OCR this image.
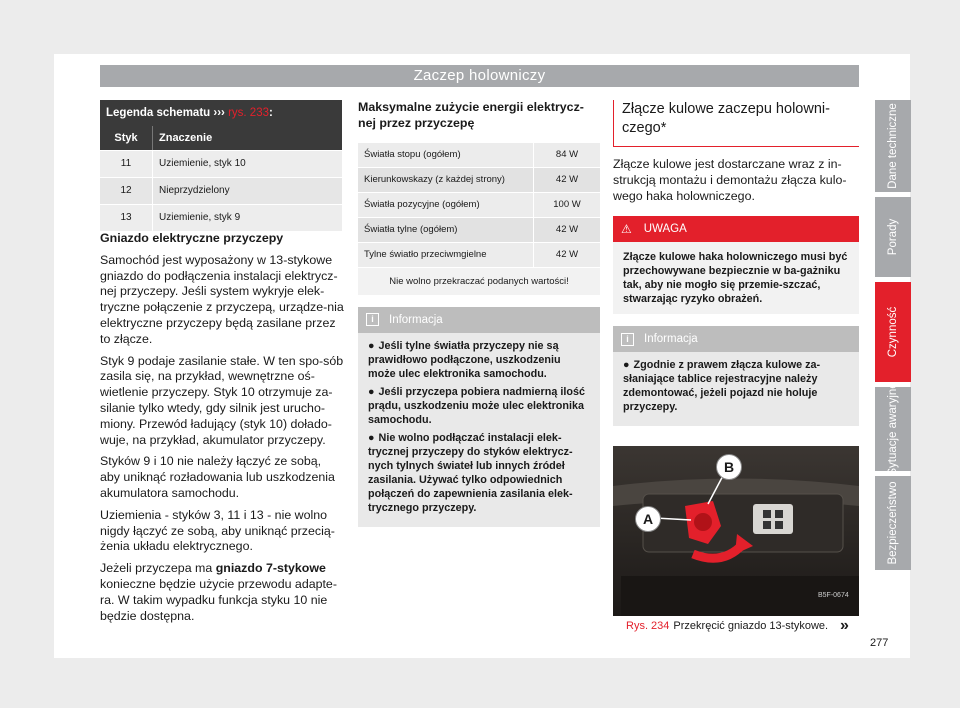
Zaczep holowniczy
Legenda schematu ››› rys. 233:
Styk	Znaczenie
11	Uziemienie, styk 10
12	Nieprzydzielony
13	Uziemienie, styk 9
Gniazdo elektryczne przyczepy

Samochód jest wyposażony w 13-stykowe gniazdo do podłączenia instalacji elektrycz-nej przyczepy. Jeśli system wykryje elek-tryczne połączenie z przyczepą, urządze-nia elektryczne przyczepy będą zasilane przez to złącze.

Styk 9 podaje zasilanie stałe. W ten spo-sób zasila się, na przykład, wewnętrzne oś-wietlenie przyczepy. Styk 10 otrzymuje za-silanie tylko wtedy, gdy silnik jest urucho-miony. Przewód ładujący (styk 10) dołado-wuje, na przykład, akumulator przyczepy.

Styków 9 i 10 nie należy łączyć ze sobą, aby uniknąć rozładowania lub uszkodzenia akumulatora samochodu.

Uziemienia - styków 3, 11 i 13 - nie wolno nigdy łączyć ze sobą, aby uniknąć przecią-żenia układu elektrycznego.

Jeżeli przyczepa ma gniazdo 7-stykowe konieczne będzie użycie przewodu adapte-ra. W takim wypadku funkcja styku 10 nie będzie dostępna.

Maksymalne zużycie energii elektrycz-nej przez przyczepę
Światła stopu (ogółem)	84 W
Kierunkowskazy (z każdej strony)	42 W
Światła pozycyjne (ogółem)	100 W
Światła tylne (ogółem)	42 W
Tylne światło przeciwmgielne	42 W
Nie wolno przekraczać podanych wartości!
i	Informacja
● Jeśli tylne światła przyczepy nie są prawidłowo podłączone, uszkodzeniu może ulec elektronika samochodu.
● Jeśli przyczepa pobiera nadmierną ilość prądu, uszkodzeniu może ulec elektronika samochodu.
● Nie wolno podłączać instalacji elek-trycznej przyczepy do styków elektrycz-nych tylnych świateł lub innych źródeł zasilania. Używać tylko odpowiednich połączeń do zapewnienia zasilania elek-trycznego przyczepy.
Złącze kulowe zaczepu holowni-czego*

Złącze kulowe jest dostarczane wraz z in-strukcją montażu i demontażu złącza kulo-wego haka holowniczego.

⚠ UWAGA
Złącze kulowe haka holowniczego musi być przechowywane bezpiecznie w ba-gażniku tak, aby nie mogło się przemie-szczać, stwarzając ryzyko obrażeń.
i	Informacja
● Zgodnie z prawem złącza kulowe za-słaniające tablice rejestracyjne należy zdemontować, jeżeli pojazd nie holuje przyczepy.
B
A
B5F-0674
Rys. 234 Przekręcić gniazdo 13-stykowe. »
277
Dane techniczne
Porady
Czynność
Sytuacje awaryjne
Bezpieczeństwo
